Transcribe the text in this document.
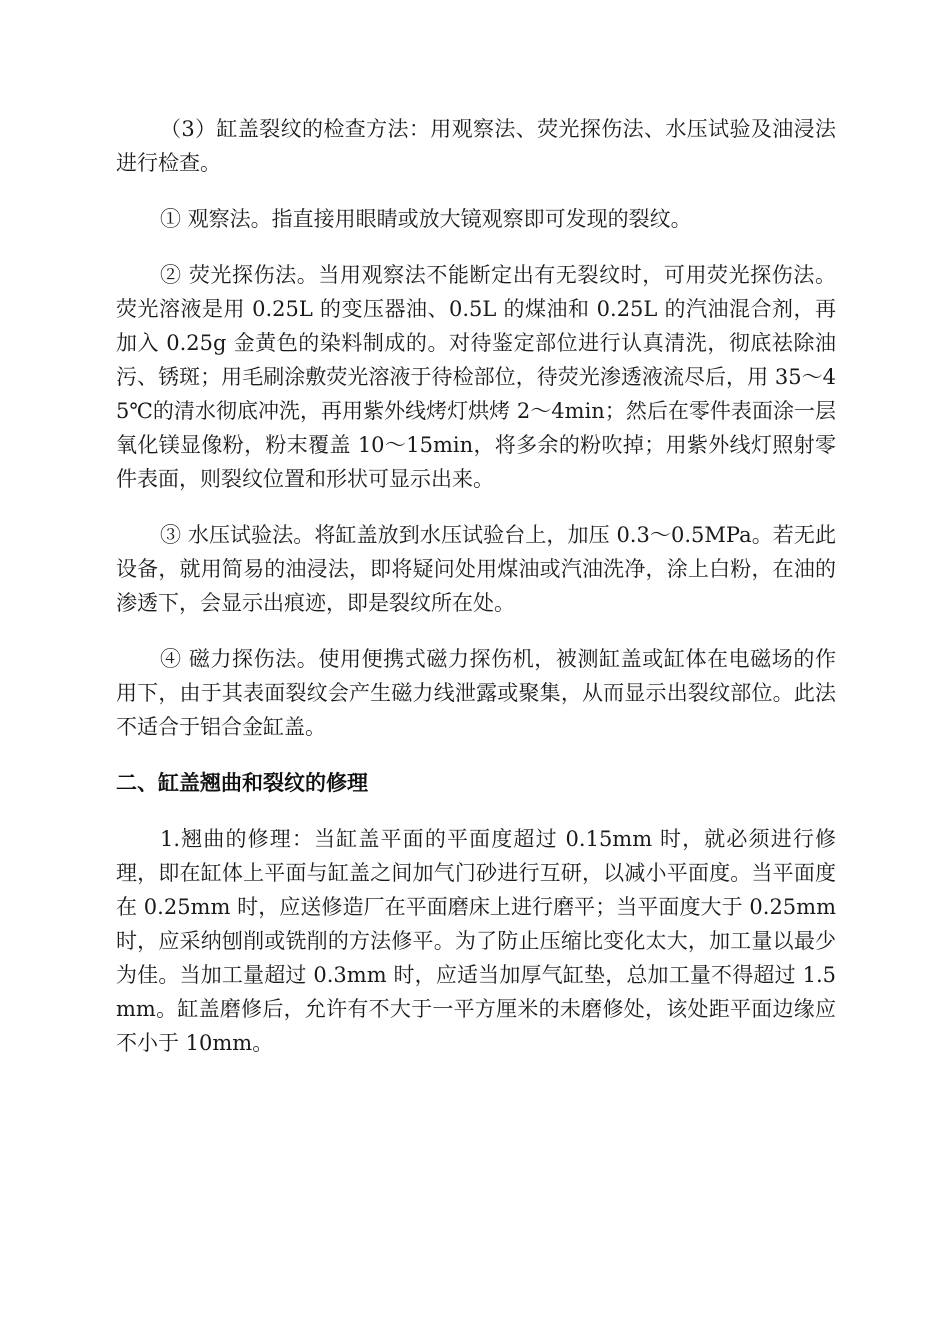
（3）缸盖裂纹的检查方法：用观察法、荧光探伤法、水压试验及油浸法进行检查。

① 观察法。指直接用眼睛或放大镜观察即可发现的裂纹。

② 荧光探伤法。当用观察法不能断定出有无裂纹时，可用荧光探伤法。荧光溶液是用 0.25L 的变压器油、0.5L 的煤油和 0.25L 的汽油混合剂，再加入 0.25g 金黄色的染料制成的。对待鉴定部位进行认真清洗，彻底祛除油污、锈斑；用毛刷涂敷荧光溶液于待检部位，待荧光渗透液流尽后，用 35～45℃的清水彻底冲洗，再用紫外线烤灯烘烤 2～4min；然后在零件表面涂一层氧化镁显像粉，粉末覆盖 10～15min，将多余的粉吹掉；用紫外线灯照射零件表面，则裂纹位置和形状可显示出来。

③ 水压试验法。将缸盖放到水压试验台上，加压 0.3～0.5MPa。若无此设备，就用简易的油浸法，即将疑问处用煤油或汽油洗净，涂上白粉，在油的渗透下，会显示出痕迹，即是裂纹所在处。

④ 磁力探伤法。使用便携式磁力探伤机，被测缸盖或缸体在电磁场的作用下，由于其表面裂纹会产生磁力线泄露或聚集，从而显示出裂纹部位。此法不适合于铝合金缸盖。

二、缸盖翘曲和裂纹的修理

1.翘曲的修理：当缸盖平面的平面度超过 0.15mm 时，就必须进行修理，即在缸体上平面与缸盖之间加气门砂进行互研，以减小平面度。当平面度在 0.25mm 时，应送修造厂在平面磨床上进行磨平；当平面度大于 0.25mm 时，应采纳刨削或铣削的方法修平。为了防止压缩比变化太大，加工量以最少为佳。当加工量超过 0.3mm 时，应适当加厚气缸垫，总加工量不得超过 1.5mm。缸盖磨修后，允许有不大于一平方厘米的未磨修处，该处距平面边缘应不小于 10mm。
